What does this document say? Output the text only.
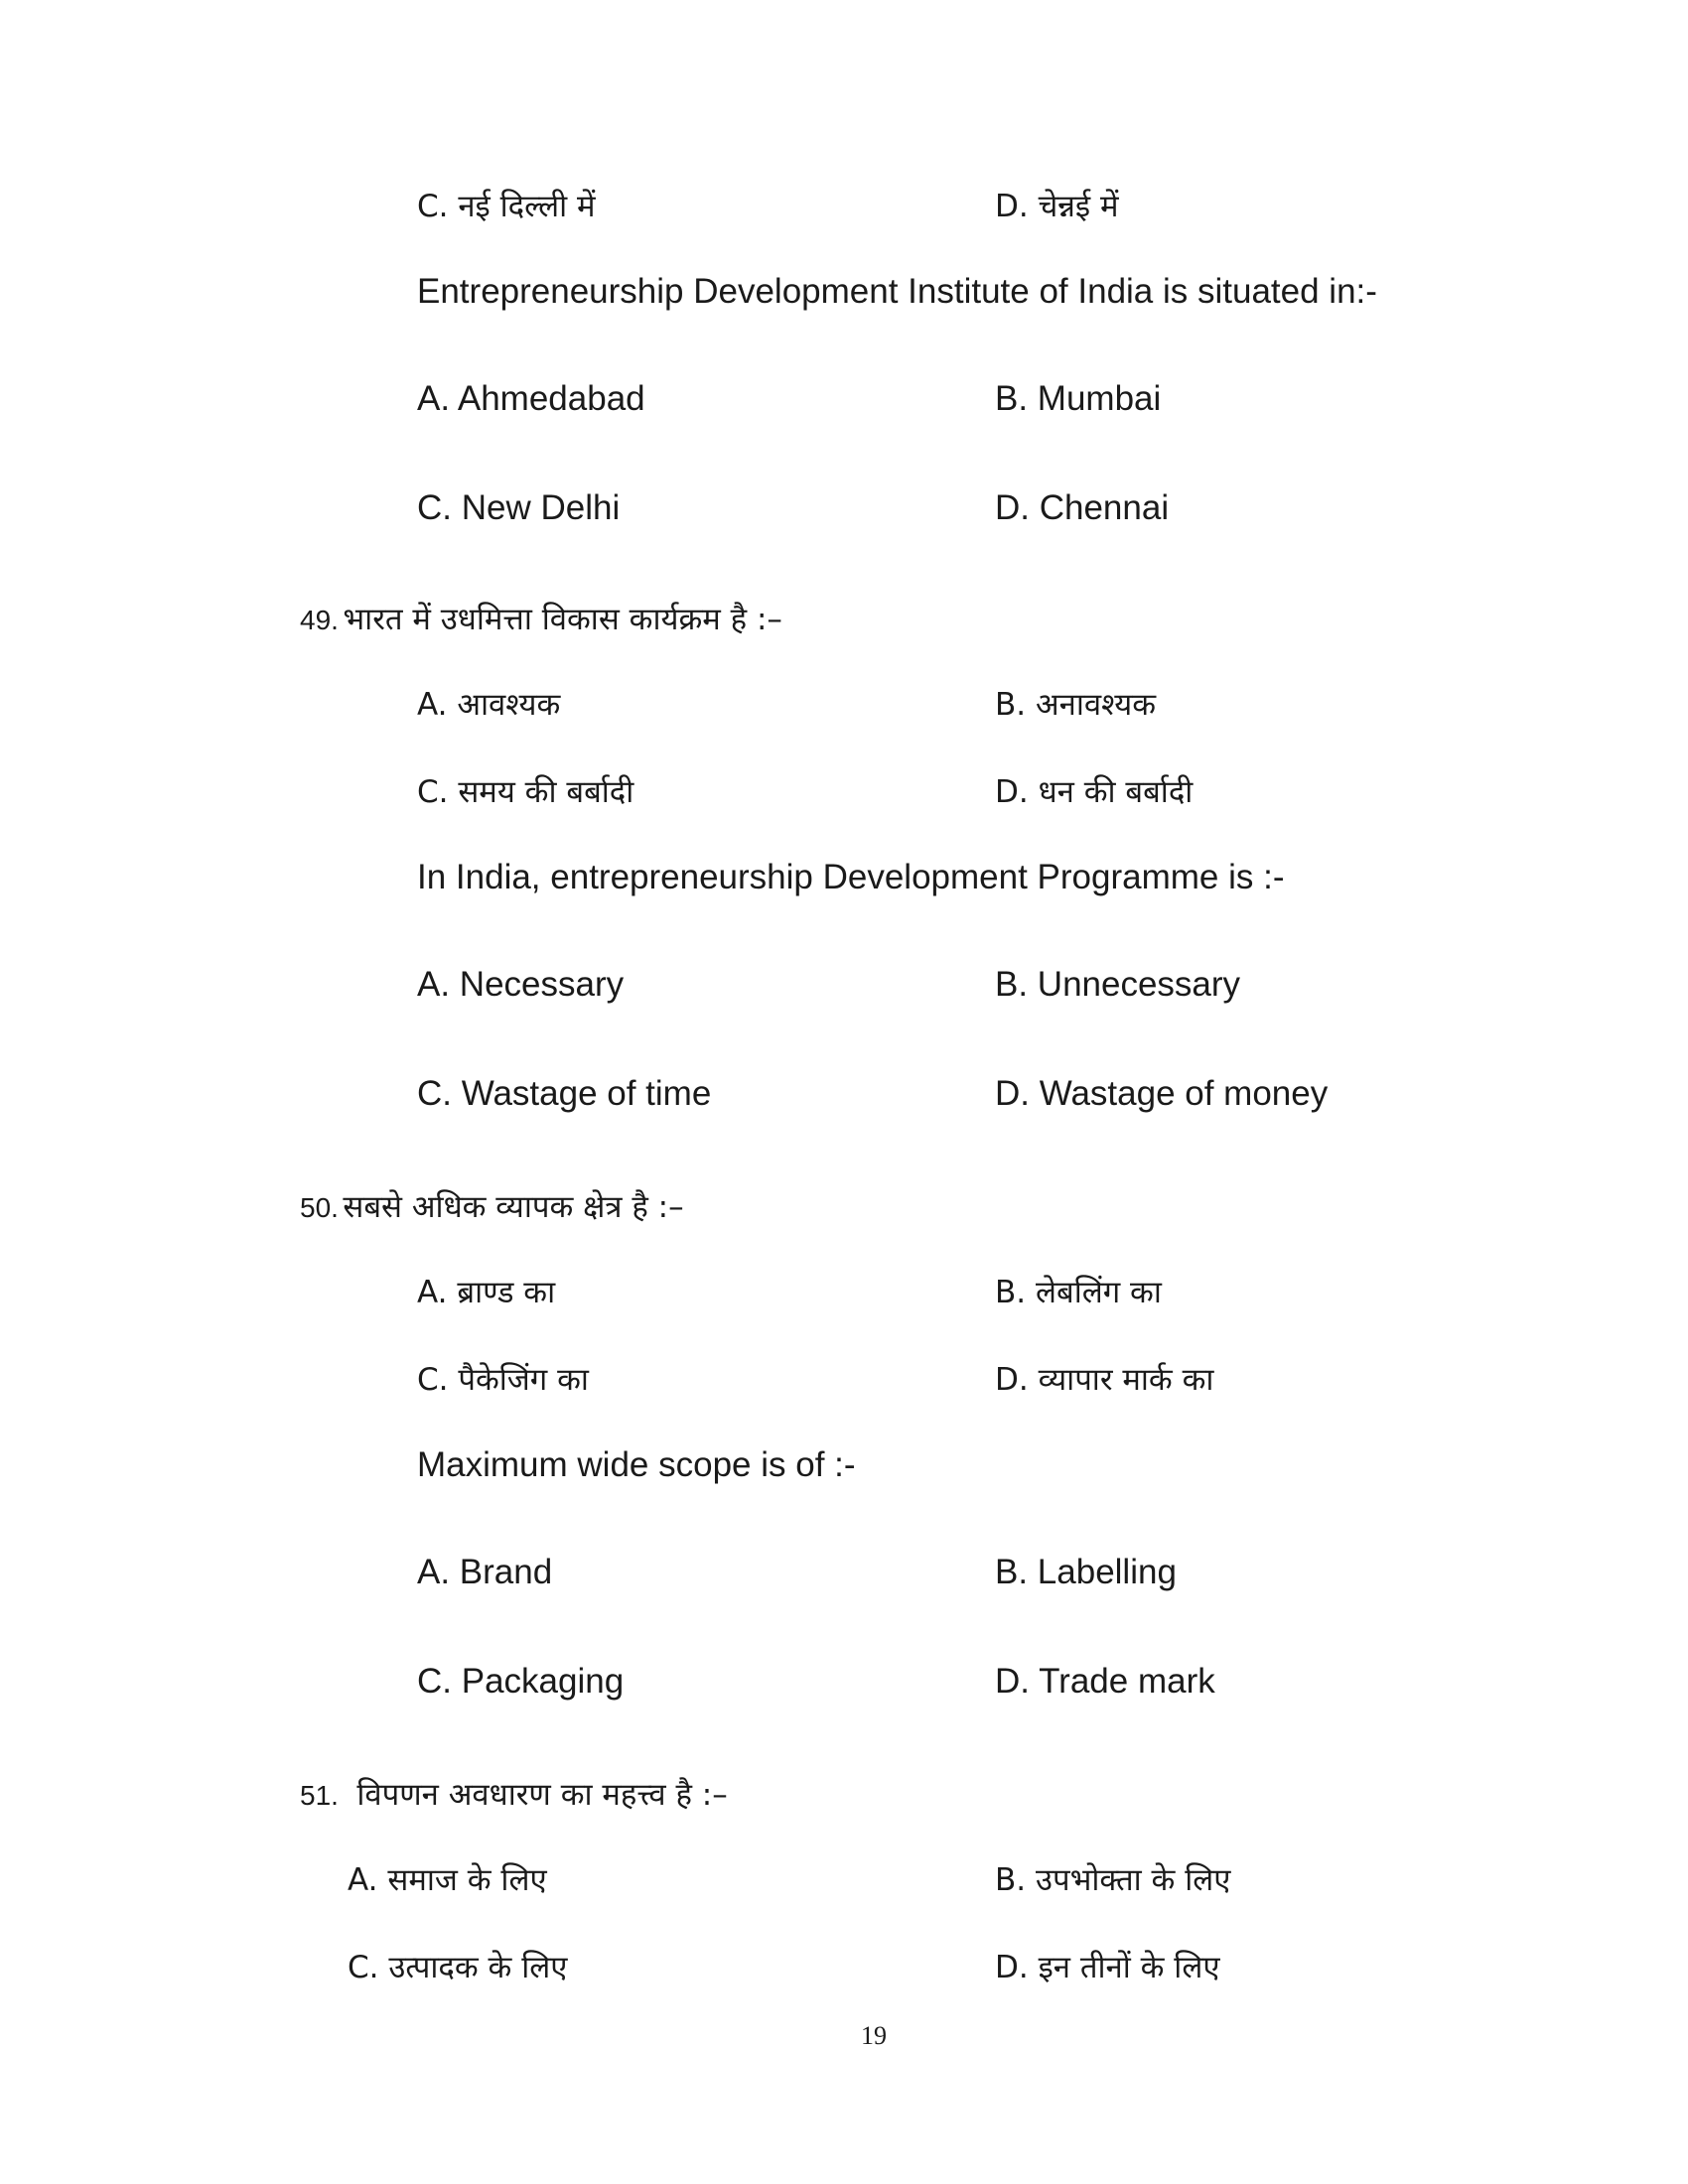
C. नई दिल्ली में	D. चेन्नई में
Entrepreneurship Development Institute of India is situated in:-
A. Ahmedabad	B. Mumbai
C. New Delhi	D. Chennai
49. भारत में उधमित्ता विकास कार्यक्रम है :–
A. आवश्यक	B. अनावश्यक
C. समय की बर्बादी	D. धन की बर्बादी
In India, entrepreneurship Development Programme is :-
A. Necessary	B. Unnecessary
C. Wastage of time	D. Wastage of money
50. सबसे अधिक व्यापक क्षेत्र है :–
A. ब्राण्ड का	B. लेबलिंग का
C. पैकेजिंग का	D. व्यापार मार्क का
Maximum wide scope is of :-
A. Brand	B. Labelling
C. Packaging	D. Trade mark
51. विपणन अवधारण का महत्त्व है :–
A. समाज के लिए	B. उपभोक्ता के लिए
C. उत्पादक के लिए	D. इन तीनों के लिए
19
